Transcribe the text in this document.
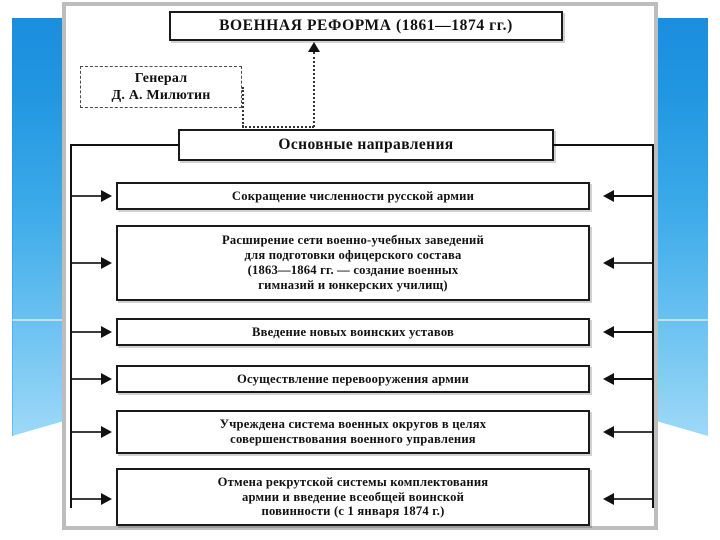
ВОЕННАЯ РЕФОРМА (1861—1874 гг.)
Генерал
Д. А. Милютин
Основные направления
Сокращение численности русской армии
Расширение сети военно-учебных заведений
для подготовки офицерского состава
(1863—1864 гг. — создание военных
гимназий и юнкерских училищ)
Введение новых воинских уставов
Осуществление перевооружения армии
Учреждена система военных округов в целях
совершенствования военного управления
Отмена рекрутской системы комплектования
армии и введение всеобщей воинской
повинности (с 1 января 1874 г.)
